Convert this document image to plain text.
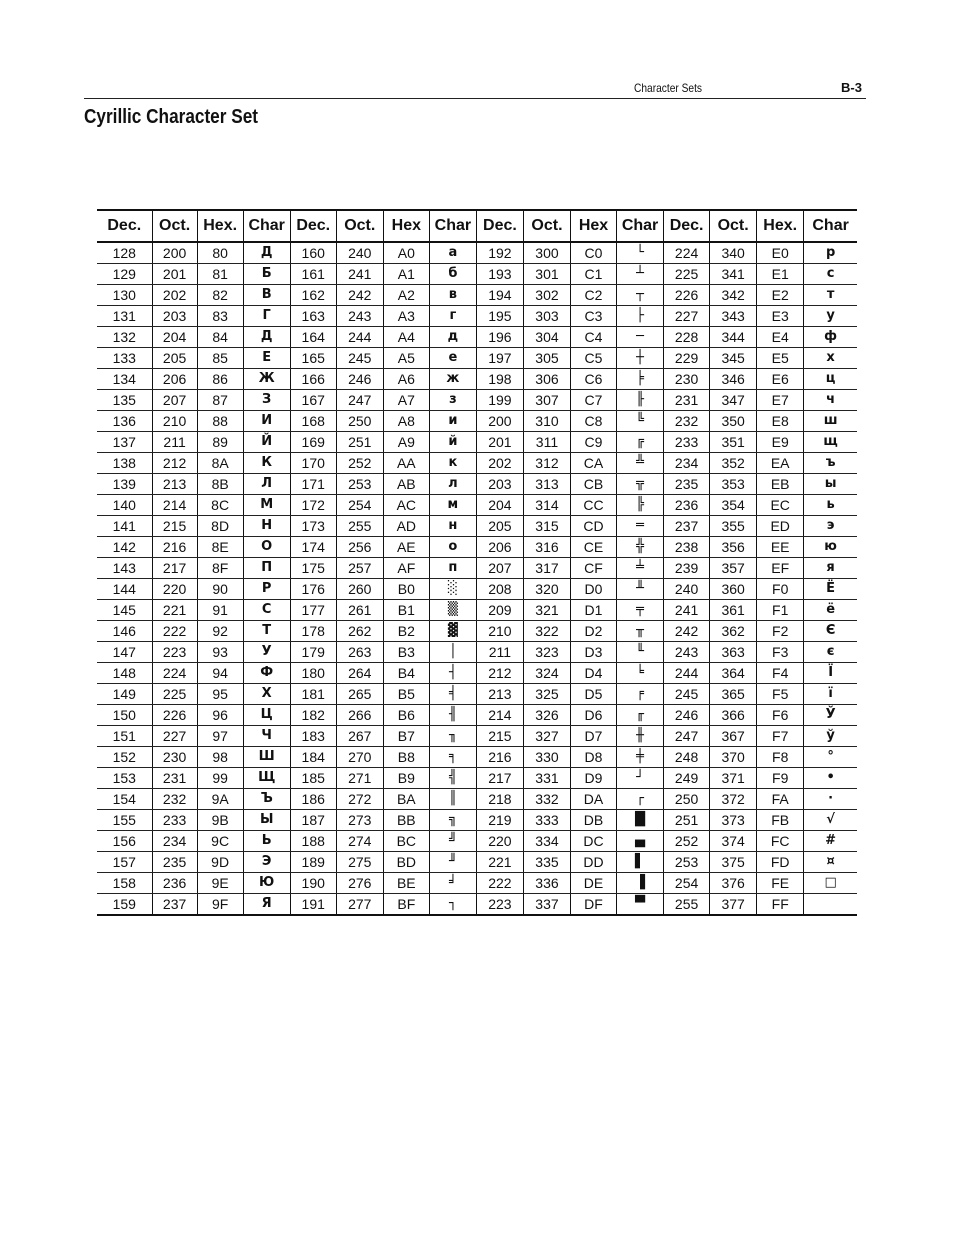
Character Sets	B-3
Cyrillic Character Set
Dec.	Oct.	Hex.	Char	Dec.	Oct.	Hex	Char	Dec.	Oct.	Hex	Char	Dec.	Oct.	Hex.	Char
128	200	80	Д	160	240	A0	а	192	300	C0	└	224	340	E0	р
129	201	81	Б	161	241	A1	б	193	301	C1	┴	225	341	E1	с
130	202	82	В	162	242	A2	в	194	302	C2	┬	226	342	E2	т
131	203	83	Г	163	243	A3	г	195	303	C3	├	227	343	E3	у
132	204	84	Д	164	244	A4	д	196	304	C4	─	228	344	E4	ф
133	205	85	Е	165	245	A5	е	197	305	C5	┼	229	345	E5	х
134	206	86	Ж	166	246	A6	ж	198	306	C6	╞	230	346	E6	ц
135	207	87	З	167	247	A7	з	199	307	C7	╟	231	347	E7	ч
136	210	88	И	168	250	A8	и	200	310	C8	╚	232	350	E8	ш
137	211	89	Й	169	251	A9	й	201	311	C9	╔	233	351	E9	щ
138	212	8A	К	170	252	AA	к	202	312	CA	╩	234	352	EA	ъ
139	213	8B	Л	171	253	AB	л	203	313	CB	╦	235	353	EB	ы
140	214	8C	М	172	254	AC	м	204	314	CC	╠	236	354	EC	ь
141	215	8D	Н	173	255	AD	н	205	315	CD	═	237	355	ED	э
142	216	8E	О	174	256	AE	о	206	316	CE	╬	238	356	EE	ю
143	217	8F	П	175	257	AF	п	207	317	CF	╧	239	357	EF	я
144	220	90	Р	176	260	B0	░	208	320	D0	╨	240	360	F0	Ё
145	221	91	С	177	261	B1	▒	209	321	D1	╤	241	361	F1	ё
146	222	92	Т	178	262	B2	▓	210	322	D2	╥	242	362	F2	Є
147	223	93	У	179	263	B3	│	211	323	D3	╙	243	363	F3	є
148	224	94	Ф	180	264	B4	┤	212	324	D4	╘	244	364	F4	Ї
149	225	95	Х	181	265	B5	╡	213	325	D5	╒	245	365	F5	ї
150	226	96	Ц	182	266	B6	╢	214	326	D6	╓	246	366	F6	Ў
151	227	97	Ч	183	267	B7	╖	215	327	D7	╫	247	367	F7	ў
152	230	98	Ш	184	270	B8	╕	216	330	D8	╪	248	370	F8	°
153	231	99	Щ	185	271	B9	╣	217	331	D9	┘	249	371	F9	•
154	232	9A	Ъ	186	272	BA	║	218	332	DA	┌	250	372	FA	·
155	233	9B	Ы	187	273	BB	╗	219	333	DB	█	251	373	FB	√
156	234	9C	Ь	188	274	BC	╝	220	334	DC	▄	252	374	FC	#
157	235	9D	Э	189	275	BD	╜	221	335	DD	▌	253	375	FD	¤
158	236	9E	Ю	190	276	BE	╛	222	336	DE	▐	254	376	FE	□
159	237	9F	Я	191	277	BF	┐	223	337	DF	▀	255	377	FF	
